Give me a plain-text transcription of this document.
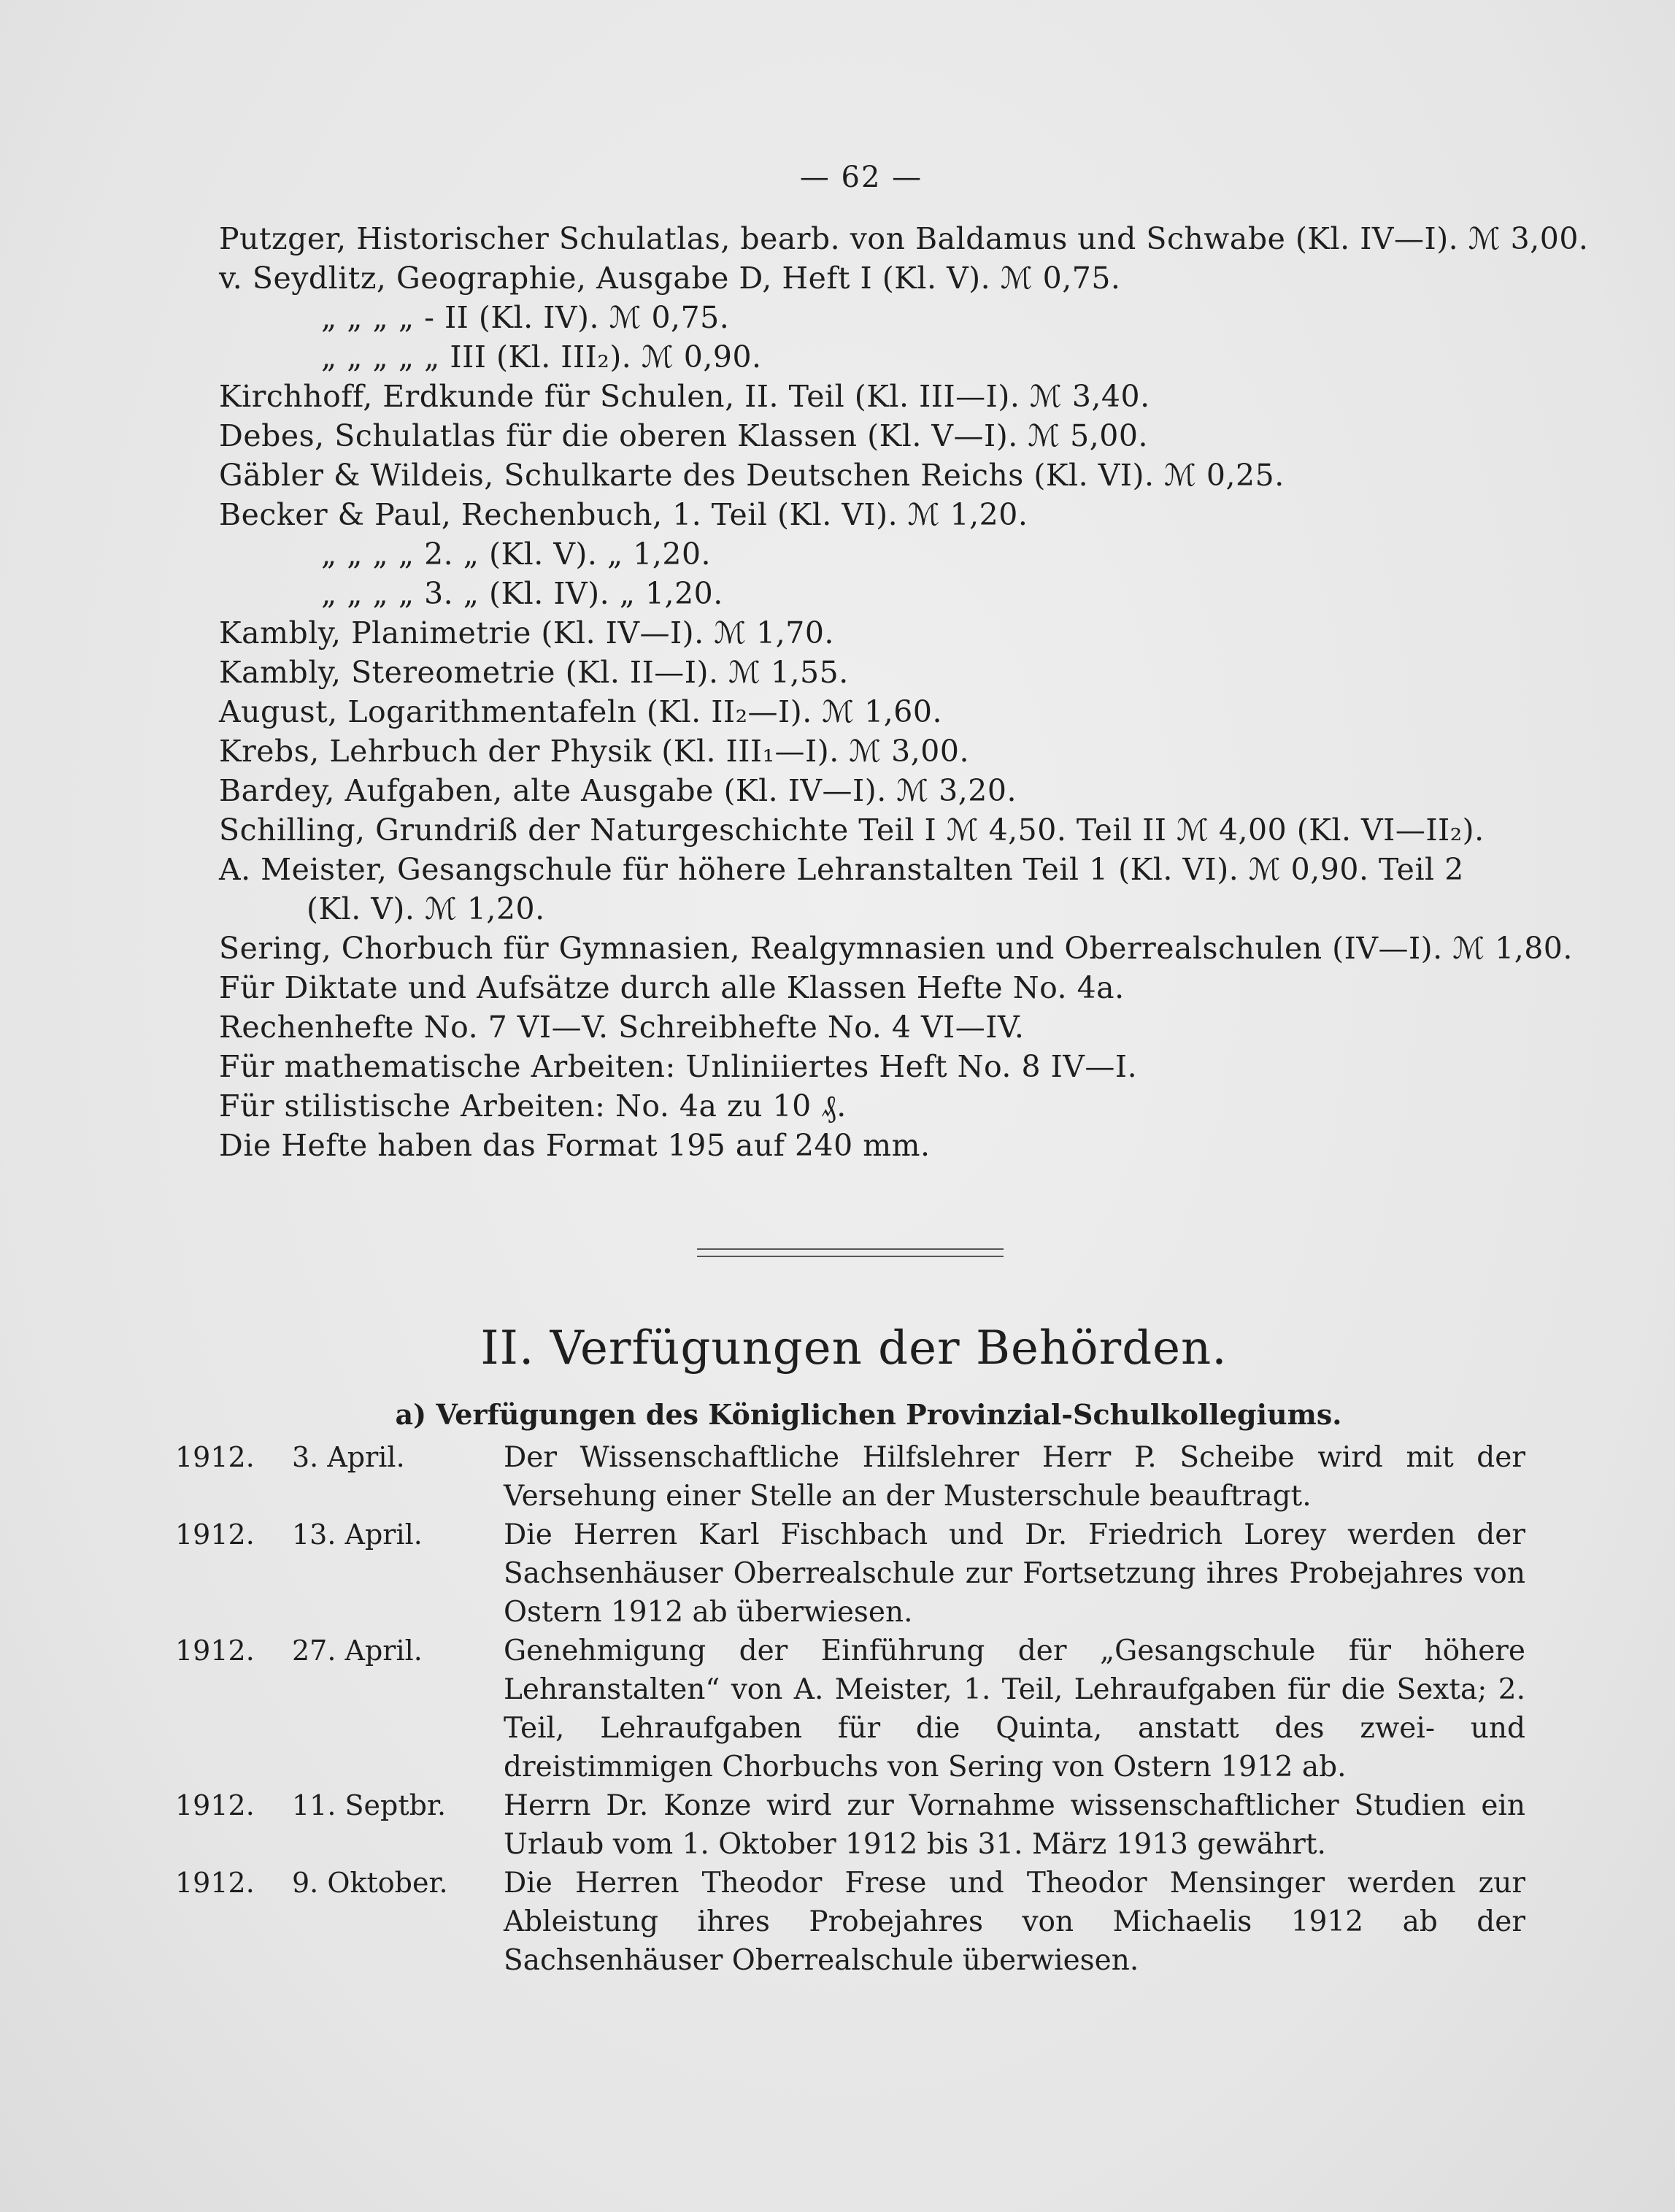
— 62 —
Putzger, Historischer Schulatlas, bearb. von Baldamus und Schwabe (Kl. IV—I). ℳ 3,00.
v. Seydlitz, Geographie, Ausgabe D, Heft I (Kl. V). ℳ 0,75.
„ „ „ „ - II (Kl. IV). ℳ 0,75.
„ „ „ „ „ III (Kl. III₂). ℳ 0,90.
Kirchhoff, Erdkunde für Schulen, II. Teil (Kl. III—I). ℳ 3,40.
Debes, Schulatlas für die oberen Klassen (Kl. V—I). ℳ 5,00.
Gäbler & Wildeis, Schulkarte des Deutschen Reichs (Kl. VI). ℳ 0,25.
Becker & Paul, Rechenbuch, 1. Teil (Kl. VI). ℳ 1,20.
„ „ „ „ 2. „ (Kl. V). „ 1,20.
„ „ „ „ 3. „ (Kl. IV). „ 1,20.
Kambly, Planimetrie (Kl. IV—I). ℳ 1,70.
Kambly, Stereometrie (Kl. II—I). ℳ 1,55.
August, Logarithmentafeln (Kl. II₂—I). ℳ 1,60.
Krebs, Lehrbuch der Physik (Kl. III₁—I). ℳ 3,00.
Bardey, Aufgaben, alte Ausgabe (Kl. IV—I). ℳ 3,20.
Schilling, Grundriß der Naturgeschichte Teil I ℳ 4,50. Teil II ℳ 4,00 (Kl. VI—II₂).
A. Meister, Gesangschule für höhere Lehranstalten Teil 1 (Kl. VI). ℳ 0,90. Teil 2
(Kl. V). ℳ 1,20.
Sering, Chorbuch für Gymnasien, Realgymnasien und Oberrealschulen (IV—I). ℳ 1,80.
Für Diktate und Aufsätze durch alle Klassen Hefte No. 4a.
Rechenhefte No. 7 VI—V. Schreibhefte No. 4 VI—IV.
Für mathematische Arbeiten: Unliniiertes Heft No. 8 IV—I.
Für stilistische Arbeiten: No. 4a zu 10 ₰.
Die Hefte haben das Format 195 auf 240 mm.
II. Verfügungen der Behörden.
a) Verfügungen des Königlichen Provinzial-Schulkollegiums.
1912.	3. April.	Der Wissenschaftliche Hilfslehrer Herr P. Scheibe wird mit der Versehung einer Stelle an der Musterschule beauftragt.
1912.	13. April.	Die Herren Karl Fischbach und Dr. Friedrich Lorey werden der Sachsenhäuser Oberrealschule zur Fortsetzung ihres Probejahres von Ostern 1912 ab überwiesen.
1912.	27. April.	Genehmigung der Einführung der „Gesangschule für höhere Lehranstalten“ von A. Meister, 1. Teil, Lehraufgaben für die Sexta; 2. Teil, Lehraufgaben für die Quinta, anstatt des zwei- und dreistimmigen Chorbuchs von Sering von Ostern 1912 ab.
1912.	11. Septbr.	Herrn Dr. Konze wird zur Vornahme wissenschaftlicher Studien ein Urlaub vom 1. Oktober 1912 bis 31. März 1913 gewährt.
1912.	9. Oktober.	Die Herren Theodor Frese und Theodor Mensinger werden zur Ableistung ihres Probejahres von Michaelis 1912 ab der Sachsenhäuser Oberrealschule überwiesen.
